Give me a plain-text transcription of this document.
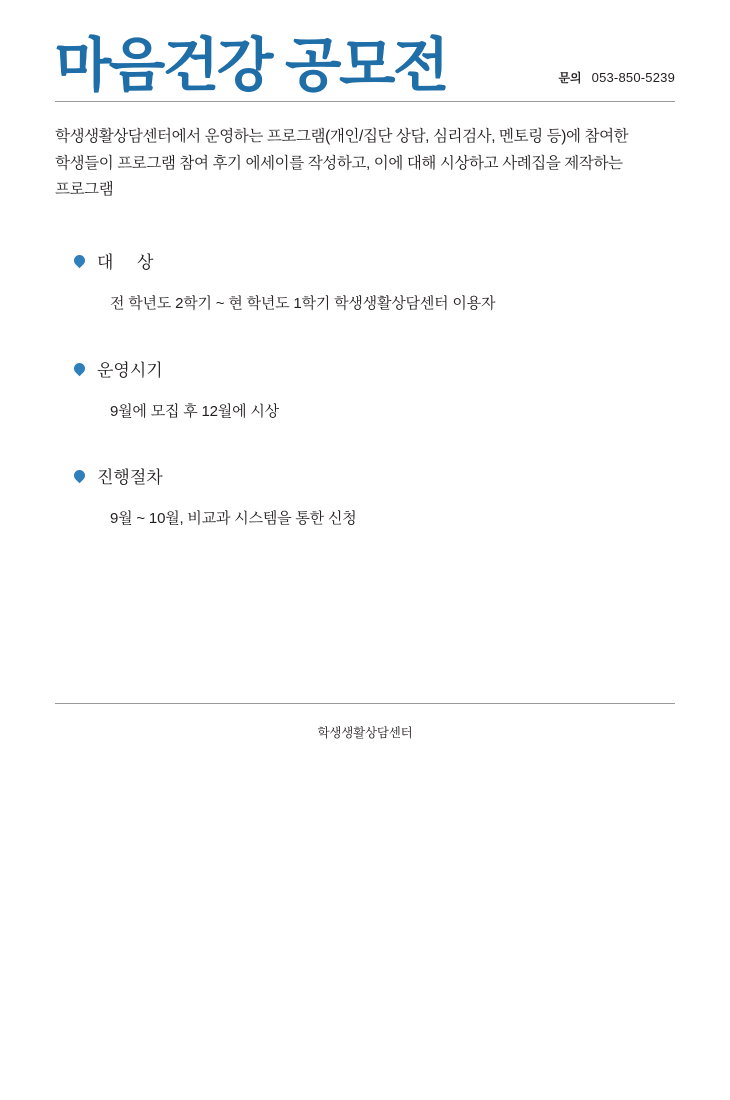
마음건강 공모전	문의 053-850-5239

학생생활상담센터에서 운영하는 프로그램(개인/집단 상담, 심리검사, 멘토링 등)에 참여한 학생들이 프로그램 참여 후기 에세이를 작성하고, 이에 대해 시상하고 사례집을 제작하는 프로그램

대     상
전 학년도 2학기 ~ 현 학년도 1학기 학생생활상담센터 이용자
운영시기
9월에 모집 후 12월에 시상
진행절차
9월 ~ 10월, 비교과 시스템을 통한 신청
학생생활상담센터
